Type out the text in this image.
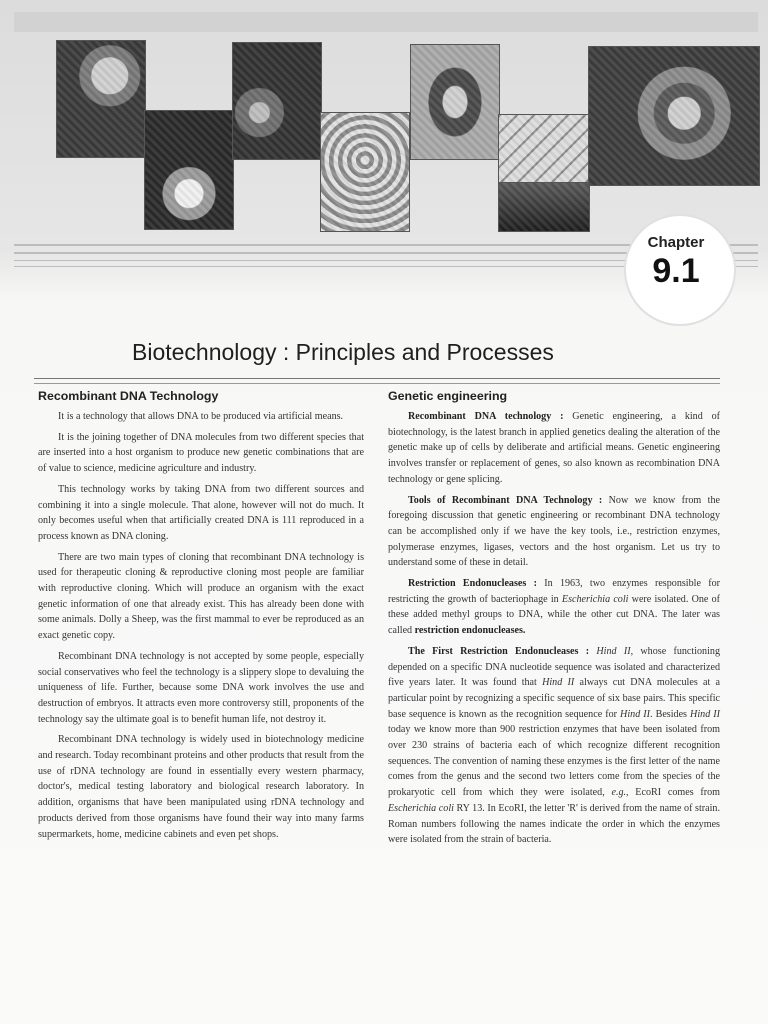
Chapter
9.1
Biotechnology : Principles and Processes
Recombinant DNA Technology

It is a technology that allows DNA to be produced via artificial means.

It is the joining together of DNA molecules from two different species that are inserted into a host organism to produce new genetic combinations that are of value to science, medicine agriculture and industry.

This technology works by taking DNA from two different sources and combining it into a single molecule. That alone, however will not do much. It only becomes useful when that artificially created DNA is 111 reproduced in a process known as DNA cloning.

There are two main types of cloning that recombinant DNA technology is used for therapeutic cloning & reproductive cloning most people are familiar with reproductive cloning. Which will produce an organism with the exact genetic information of one that already exist. This has already been done with some animals. Dolly a Sheep, was the first mammal to ever be reproduced as an exact genetic copy.

Recombinant DNA technology is not accepted by some people, especially social conservatives who feel the technology is a slippery slope to devaluing the uniqueness of life. Further, because some DNA work involves the use and destruction of embryos. It attracts even more controversy still, proponents of the technology say the ultimate goal is to benefit human life, not destroy it.

Recombinant DNA technology is widely used in biotechnology medicine and research. Today recombinant proteins and other products that result from the use of rDNA technology are found in essentially every western pharmacy, doctor's, medical testing laboratory and biological research laboratory. In addition, organisms that have been manipulated using rDNA technology and products derived from those organisms have found their way into many farms supermarkets, home, medicine cabinets and even pet shops.

Genetic engineering

Recombinant DNA technology : Genetic engineering, a kind of biotechnology, is the latest branch in applied genetics dealing the alteration of the genetic make up of cells by deliberate and artificial means. Genetic engineering involves transfer or replacement of genes, so also known as recombination DNA technology or gene splicing.

Tools of Recombinant DNA Technology : Now we know from the foregoing discussion that genetic engineering or recombinant DNA technology can be accomplished only if we have the key tools, i.e., restriction enzymes, polymerase enzymes, ligases, vectors and the host organism. Let us try to understand some of these in detail.

Restriction Endonucleases : In 1963, two enzymes responsible for restricting the growth of bacteriophage in Escherichia coli were isolated. One of these added methyl groups to DNA, while the other cut DNA. The later was called restriction endonucleases.

The First Restriction Endonucleases : Hind II, whose functioning depended on a specific DNA nucleotide sequence was isolated and characterized five years later. It was found that Hind II always cut DNA molecules at a particular point by recognizing a specific sequence of six base pairs. This specific base sequence is known as the recognition sequence for Hind II. Besides Hind II today we know more than 900 restriction enzymes that have been isolated from over 230 strains of bacteria each of which recognize different recognition sequences. The convention of naming these enzymes is the first letter of the name comes from the genus and the second two letters come from the species of the prokaryotic cell from which they were isolated, e.g., EcoRI comes from Escherichia coli RY 13. In EcoRI, the letter 'R' is derived from the name of strain. Roman numbers following the names indicate the order in which the enzymes were isolated from the strain of bacteria.
